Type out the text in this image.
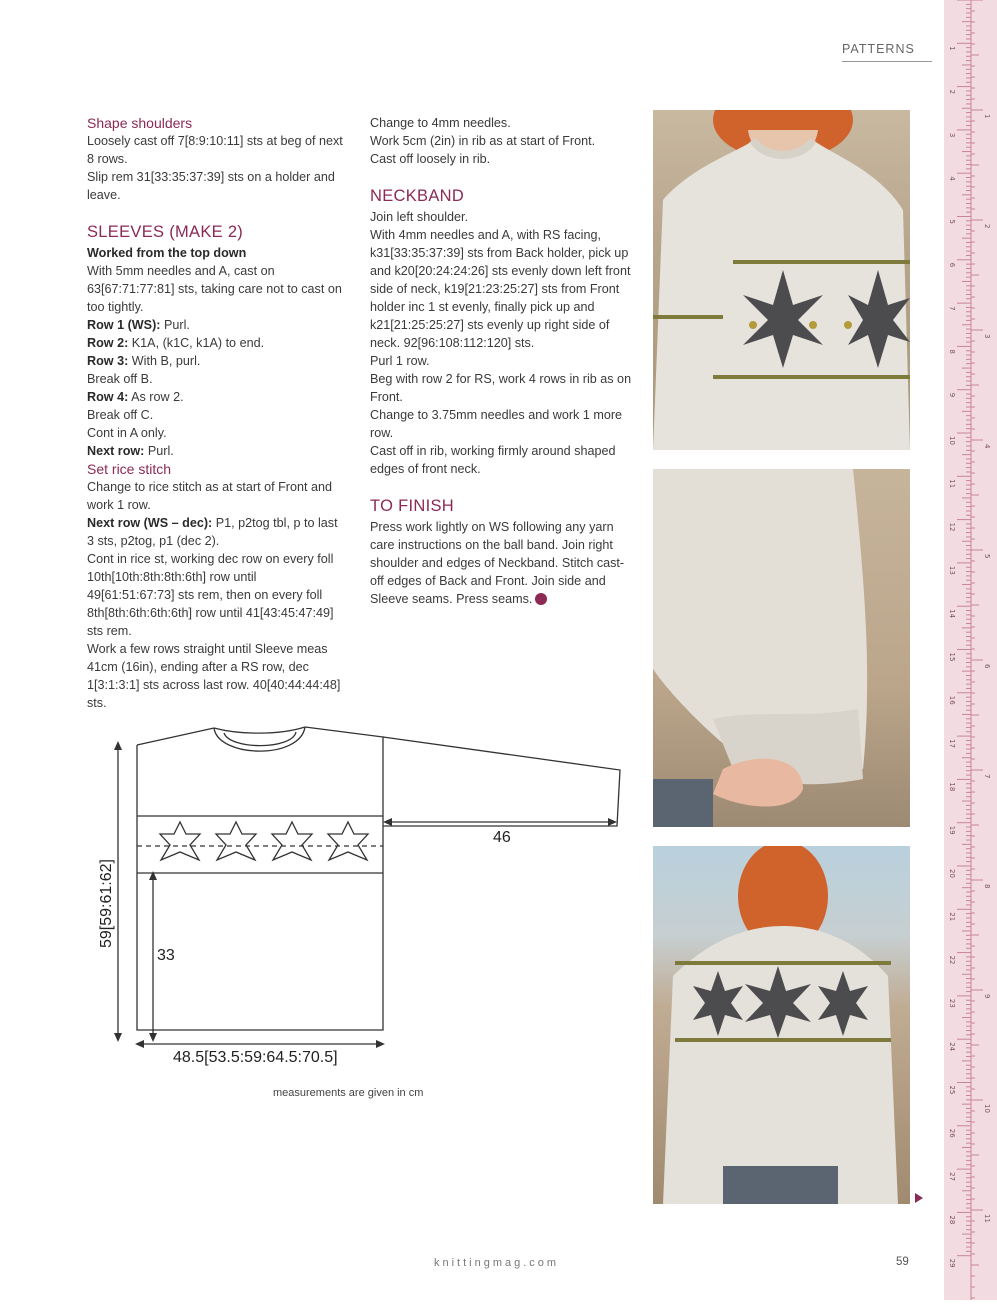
PATTERNS
Shape shoulders

Loosely cast off 7[8:9:10:11] sts at beg of next 8 rows.

Slip rem 31[33:35:37:39] sts on a holder and leave.

SLEEVES (MAKE 2)

Worked from the top down

With 5mm needles and A, cast on 63[67:71:77:81] sts, taking care not to cast on too tightly.

Row 1 (WS): Purl.

Row 2: K1A, (k1C, k1A) to end.

Row 3: With B, purl.

Break off B.

Row 4: As row 2.

Break off C.

Cont in A only.

Next row: Purl.

Set rice stitch

Change to rice stitch as at start of Front and work 1 row.

Next row (WS – dec): P1, p2tog tbl, p to last 3 sts, p2tog, p1 (dec 2).

Cont in rice st, working dec row on every foll 10th[10th:8th:8th:6th] row until 49[61:51:67:73] sts rem, then on every foll 8th[8th:6th:6th:6th] row until 41[43:45:47:49] sts rem.

Work a few rows straight until Sleeve meas 41cm (16in), ending after a RS row, dec 1[3:1:3:1] sts across last row. 40[40:44:44:48] sts.

Change to 4mm needles.

Work 5cm (2in) in rib as at start of Front.

Cast off loosely in rib.

NECKBAND

Join left shoulder.

With 4mm needles and A, with RS facing, k31[33:35:37:39] sts from Back holder, pick up and k20[20:24:24:26] sts evenly down left front side of neck, k19[21:23:25:27] sts from Front holder inc 1 st evenly, finally pick up and k21[21:25:25:27] sts evenly up right side of neck. 92[96:108:112:120] sts.

Purl 1 row.

Beg with row 2 for RS, work 4 rows in rib as on Front.

Change to 3.75mm needles and work 1 more row.

Cast off in rib, working firmly around shaped edges of front neck.

TO FINISH

Press work lightly on WS following any yarn care instructions on the ball band. Join right shoulder and edges of Neckband. Stitch cast-off edges of Back and Front. Join side and Sleeve seams. Press seams.

59[59:61:62]
33
46
48.5[53.5:59:64.5:70.5]
measurements are given in cm
1
2
3
4
5
6
7
8
9
10
11
12
13
14
15
16
17
18
19
20
21
22
23
24
25
26
27
28
29
1
2
3
4
5
6
7
8
9
10
11
knittingmag.com	59
